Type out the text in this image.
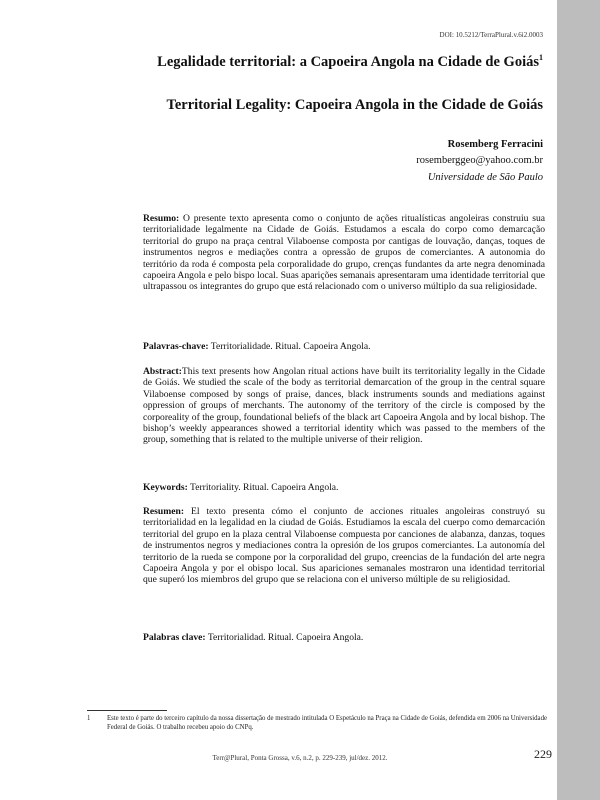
DOI: 10.5212/TerraPlural.v.6i2.0003
Legalidade territorial: a Capoeira Angola na Cidade de Goiás$^1$
Territorial Legality: Capoeira Angola in the Cidade de Goiás
Rosemberg Ferracini
rosemberggeo@yahoo.com.br
Universidade de São Paulo

Resumo: O presente texto apresenta como o conjunto de ações ritualísticas angoleiras construiu sua territorialidade legalmente na Cidade de Goiás. Estudamos a escala do corpo como demarcação territorial do grupo na praça central Vilaboense composta por cantigas de louvação, danças, toques de instrumentos negros e mediações contra a opressão de grupos de comerciantes. A autonomia do território da roda é composta pela corporalidade do grupo, crenças fundantes da arte negra denominada capoeira Angola e pelo bispo local. Suas aparições semanais apresentaram uma identidade territorial que ultrapassou os integrantes do grupo que está relacionado com o universo múltiplo da sua religiosidade.

Palavras-chave: Territorialidade. Ritual. Capoeira Angola.

Abstract:This text presents how Angolan ritual actions have built its territoriality legally in the Cidade de Goiás. We studied the scale of the body as territorial demarcation of the group in the central square Vilaboense composed by songs of praise, dances, black instruments sounds and mediations against oppression of groups of merchants. The autonomy of the territory of the circle is composed by the corporeality of the group, foundational beliefs of the black art Capoeira Angola and by local bishop. The bishop’s weekly appearances showed a territorial identity which was passed to the members of the group, something that is related to the multiple universe of their religion.

Keywords: Territoriality. Ritual. Capoeira Angola.

Resumen: El texto presenta cómo el conjunto de acciones rituales angoleiras construyó su territorialidad en la legalidad en la ciudad de Goiás. Estudiamos la escala del cuerpo como demarcación territorial del grupo en la plaza central Vilaboense compuesta por canciones de alabanza, danzas, toques de instrumentos negros y mediaciones contra la opresión de los grupos comerciantes. La autonomía del territorio de la rueda se compone por la corporalidad del grupo, creencias de la fundación del arte negra Capoeira Angola y por el obispo local. Sus apariciones semanales mostraron una identidad territorial que superó los miembros del grupo que se relaciona con el universo múltiple de su religiosidad.

Palabras clave: Territorialidad. Ritual. Capoeira Angola.

1	Este texto é parte do terceiro capítulo da nossa dissertação de mestrado intitulada O Espetáculo na Praça na Cidade de Goiás, defendida em 2006 na Universidade Federal de Goiás. O trabalho recebeu apoio do CNPq.
Terr@Plural, Ponta Grossa, v.6, n.2, p. 229-239, jul/dez. 2012.	229
